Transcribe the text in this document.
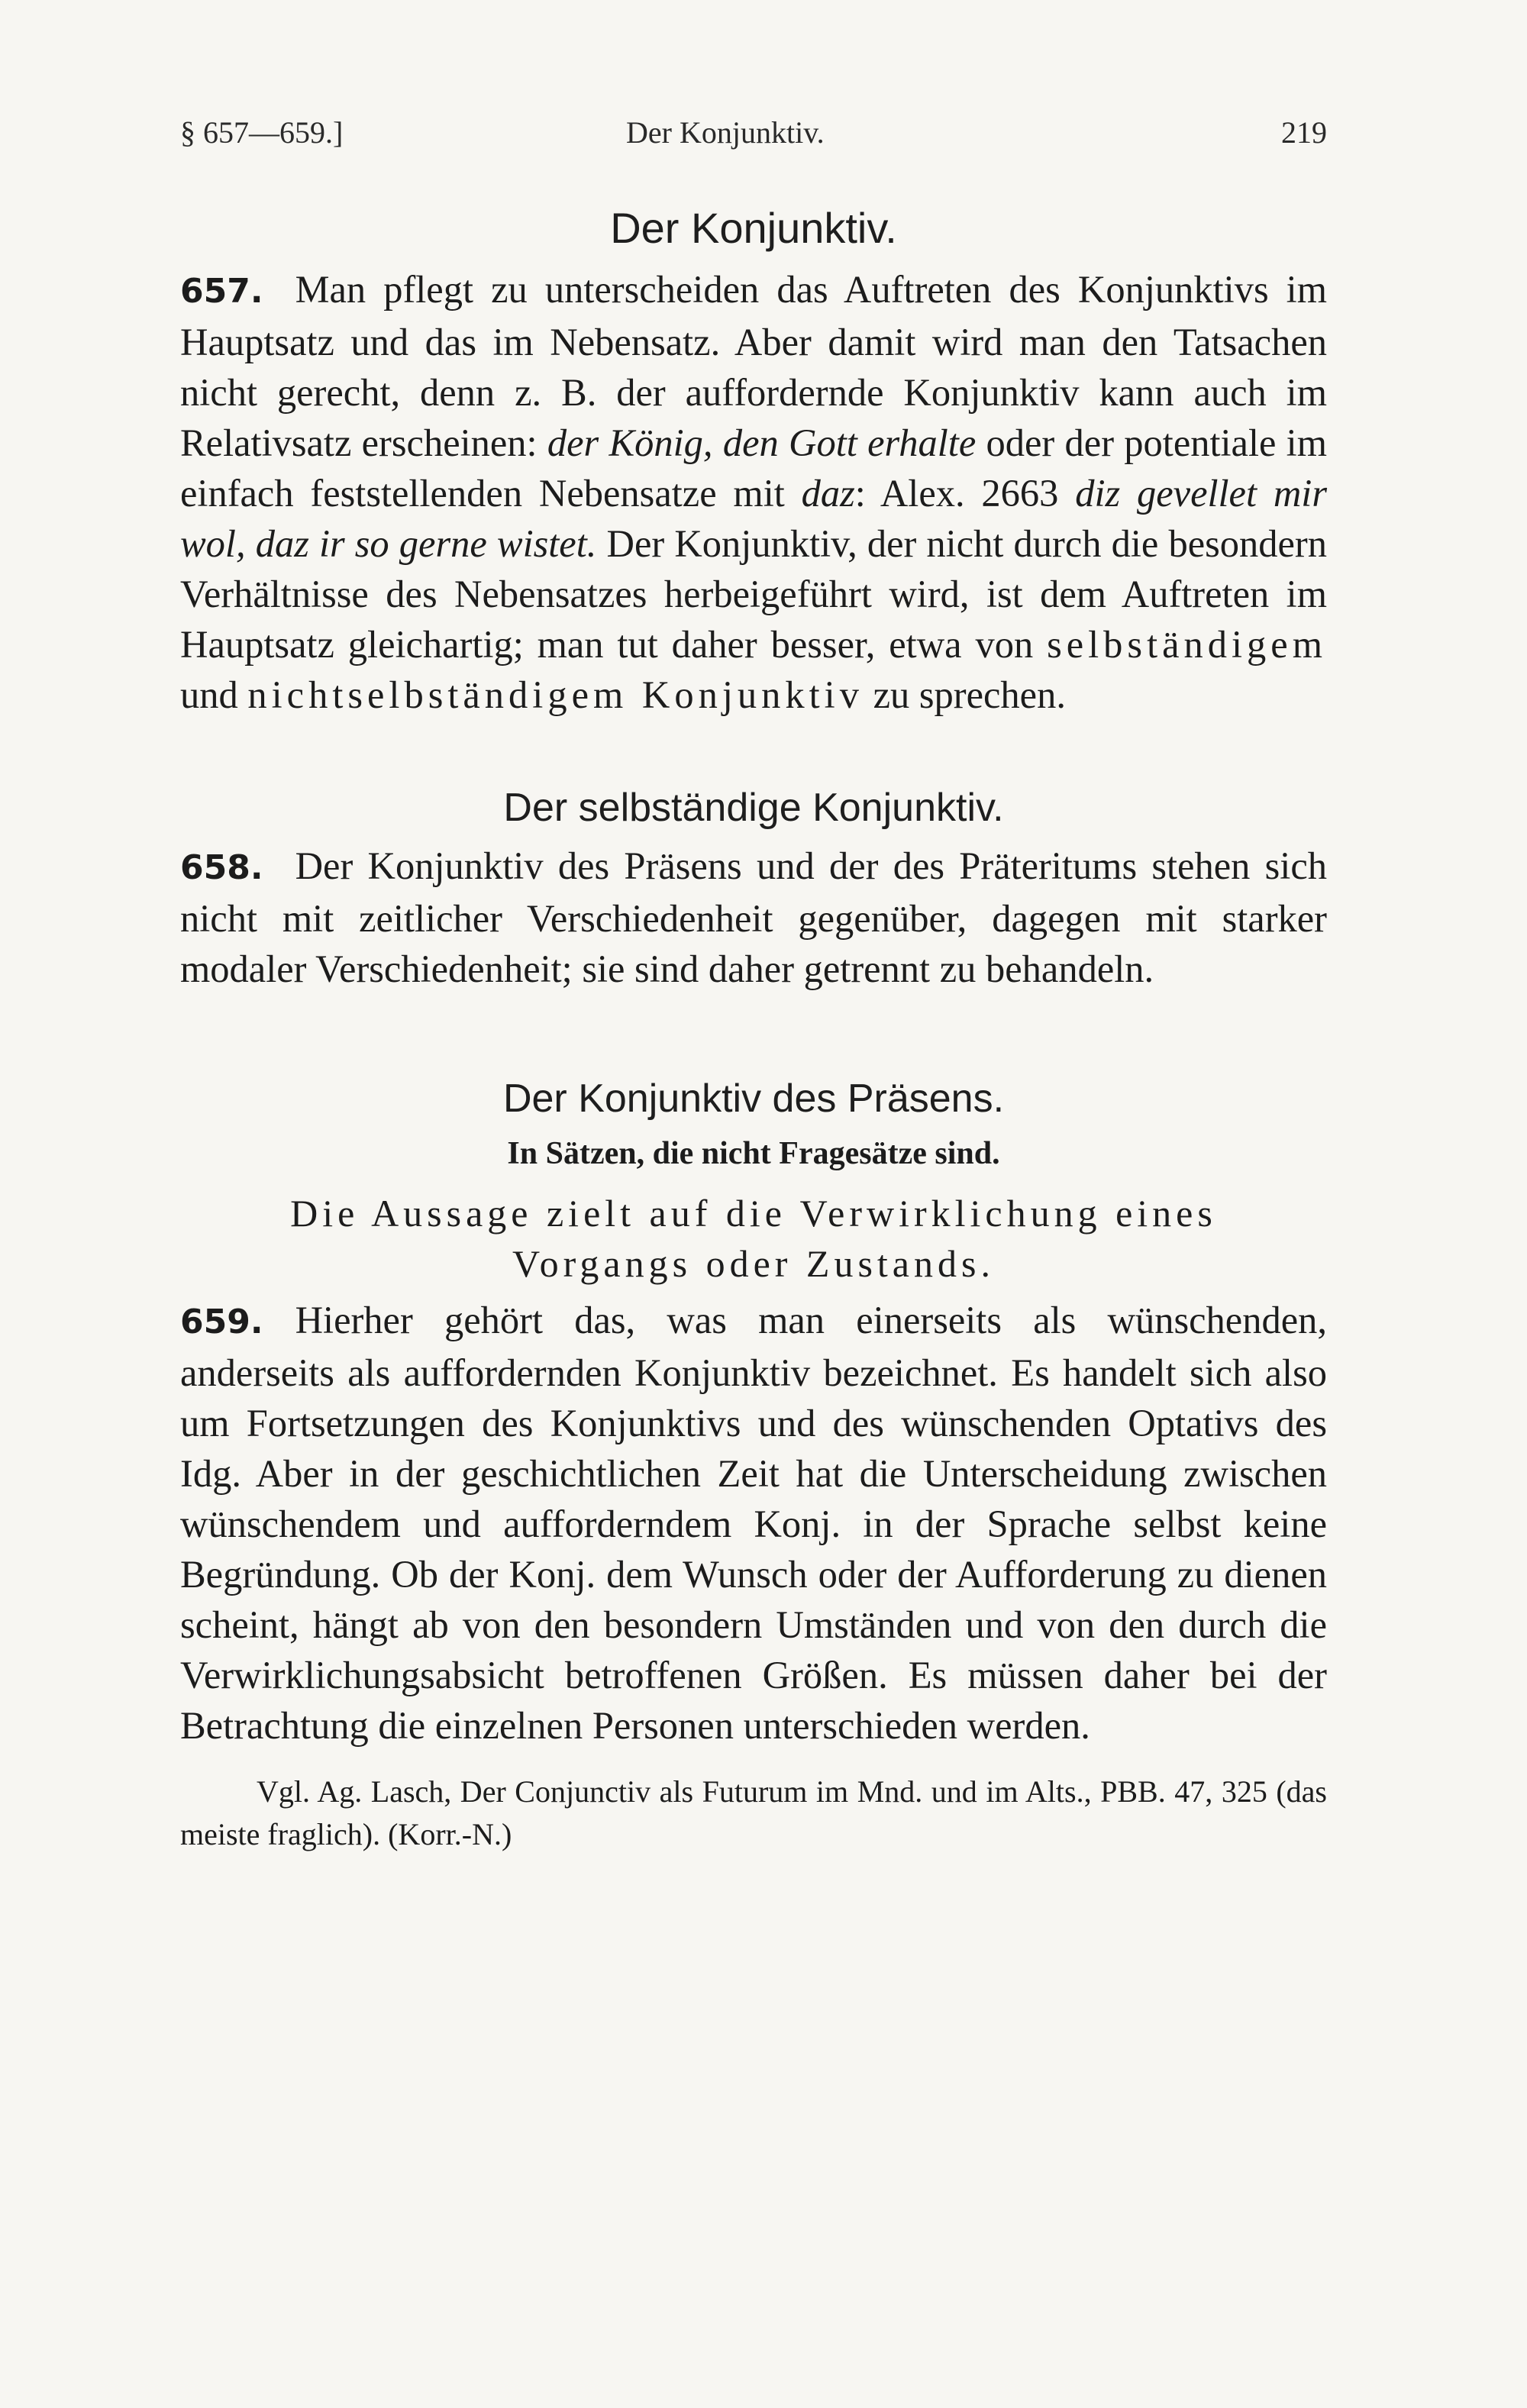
§ 657—659.]	Der Konjunktiv.	219
Der Konjunktiv.

657. Man pflegt zu unterscheiden das Auftreten des Konjunktivs im Hauptsatz und das im Nebensatz. Aber damit wird man den Tatsachen nicht gerecht, denn z. B. der auffordernde Konjunktiv kann auch im Relativsatz erscheinen: der König, den Gott erhalte oder der potentiale im einfach feststellenden Nebensatze mit daz: Alex. 2663 diz gevellet mir wol, daz ir so gerne wistet. Der Konjunktiv, der nicht durch die besondern Verhältnisse des Nebensatzes herbeigeführt wird, ist dem Auftreten im Hauptsatz gleichartig; man tut daher besser, etwa von selbständigem und nichtselbständigem Konjunktiv zu sprechen.

Der selbständige Konjunktiv.

658. Der Konjunktiv des Präsens und der des Präteritums stehen sich nicht mit zeitlicher Verschiedenheit gegenüber, dagegen mit starker modaler Verschiedenheit; sie sind daher getrennt zu behandeln.

Der Konjunktiv des Präsens.
In Sätzen, die nicht Fragesätze sind.
Die Aussage zielt auf die Verwirklichung eines
Vorgangs oder Zustands.

659. Hierher gehört das, was man einerseits als wünschenden, anderseits als auffordernden Konjunktiv bezeichnet. Es handelt sich also um Fortsetzungen des Konjunktivs und des wünschenden Optativs des Idg. Aber in der geschichtlichen Zeit hat die Unterscheidung zwischen wünschendem und aufforderndem Konj. in der Sprache selbst keine Begründung. Ob der Konj. dem Wunsch oder der Aufforderung zu dienen scheint, hängt ab von den besondern Umständen und von den durch die Verwirklichungsabsicht betroffenen Größen. Es müssen daher bei der Betrachtung die einzelnen Personen unterschieden werden.

Vgl. Ag. Lasch, Der Conjunctiv als Futurum im Mnd. und im Alts., PBB. 47, 325 (das meiste fraglich). (Korr.-N.)
